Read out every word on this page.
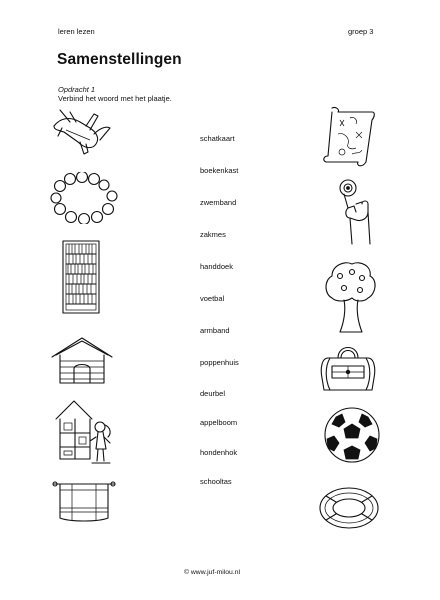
leren lezen	groep 3
Samenstellingen
Opdracht 1
Verbind het woord met het plaatje.
schatkaart
boekenkast
zwemband
zakmes
handdoek
voetbal
armband
poppenhuis
deurbel
appelboom
hondenhok
schooltas
© www.juf-milou.nl
